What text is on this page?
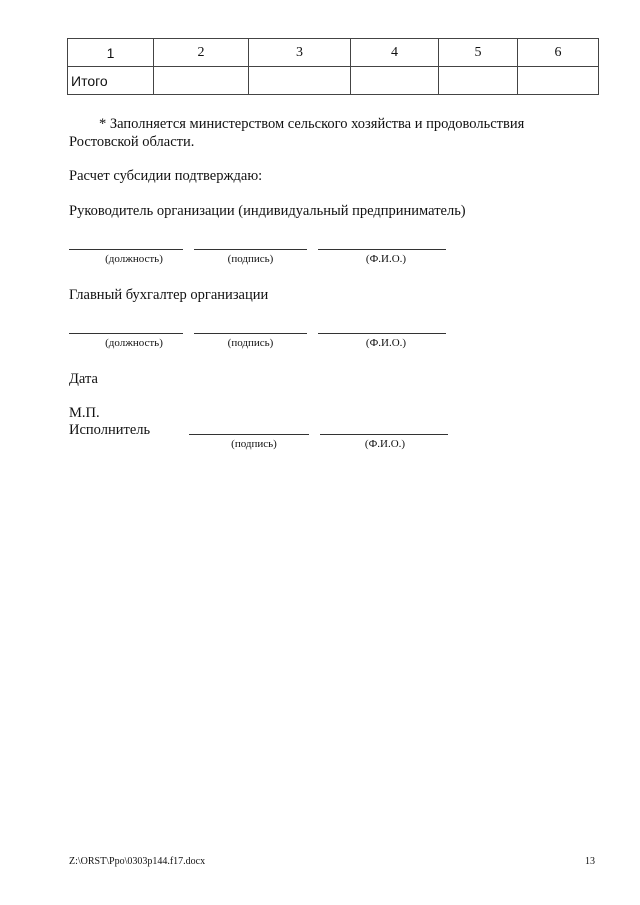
1	2	3	4	5	6
Итого					
* Заполняется министерством сельского хозяйства и продовольствия
Ростовской области.
Расчет субсидии подтверждаю:
Руководитель организации (индивидуальный предприниматель)
(должность)	(подпись)	(Ф.И.О.)
Главный бухгалтер организации
(должность)	(подпись)	(Ф.И.О.)
Дата
М.П.
Исполнитель
(подпись)	(Ф.И.О.)
Z:\ORST\Ppo\0303p144.f17.docx	13
